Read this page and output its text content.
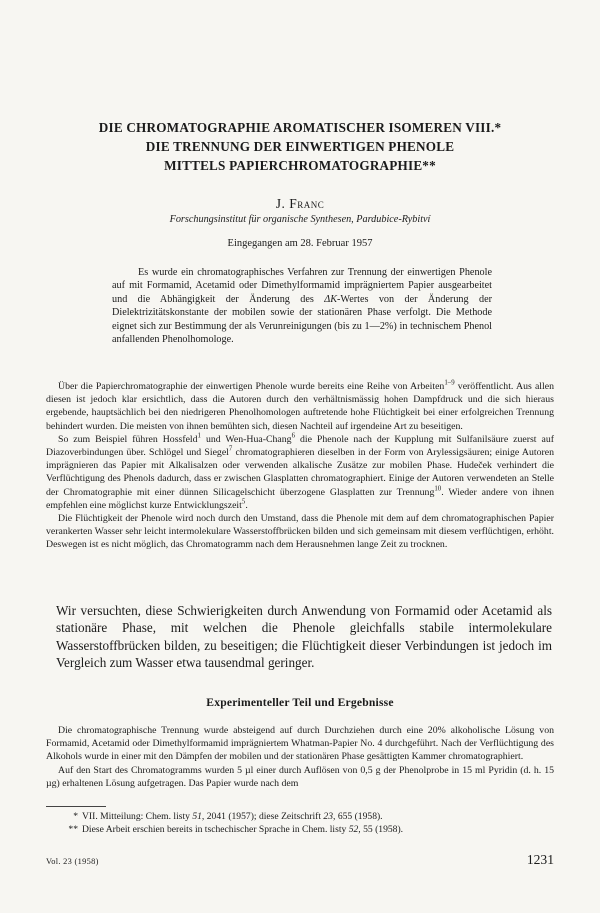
DIE CHROMATOGRAPHIE AROMATISCHER ISOMEREN VIII.*
DIE TRENNUNG DER EINWERTIGEN PHENOLE
MITTELS PAPIERCHROMATOGRAPHIE**
J. Franc
Forschungsinstitut für organische Synthesen, Pardubice-Rybitví
Eingegangen am 28. Februar 1957

Es wurde ein chromatographisches Verfahren zur Trennung der einwertigen Phenole auf mit Formamid, Acetamid oder Dimethylformamid imprägniertem Papier ausgearbeitet und die Abhängigkeit der Änderung des ΔK-Wertes von der Änderung der Dielektrizitätskonstante der mobilen sowie der stationären Phase verfolgt. Die Methode eignet sich zur Bestimmung der als Verunreinigungen (bis zu 1—2%) in technischem Phenol anfallenden Phenolhomologe.

Über die Papierchromatographie der einwertigen Phenole wurde bereits eine Reihe von Arbeiten$^{1-9}$ veröffentlicht. Aus allen diesen ist jedoch klar ersichtlich, dass die Autoren durch den verhältnismässig hohen Dampfdruck und die sich hieraus ergebende, hauptsächlich bei den niedrigeren Phenolhomologen auftretende hohe Flüchtigkeit bei einer erfolgreichen Trennung behindert wurden. Die meisten von ihnen bemühten sich, diesen Nachteil auf irgendeine Art zu beseitigen.

So zum Beispiel führen Hossfeld$^1$ und Wen-Hua-Chang$^6$ die Phenole nach der Kupplung mit Sulfanilsäure zuerst auf Diazoverbindungen über. Schlögel und Siegel$^7$ chromatographieren dieselben in der Form von Arylessigsäuren; einige Autoren imprägnieren das Papier mit Alkalisalzen oder verwenden alkalische Zusätze zur mobilen Phase. Hudeček verhindert die Verflüchtigung des Phenols dadurch, dass er zwischen Glasplatten chromatographiert. Einige der Autoren verwendeten an Stelle der Chromatographie mit einer dünnen Silicagelschicht überzogene Glasplatten zur Trennung$^{10}$. Wieder andere von ihnen empfehlen eine möglichst kurze Entwicklungszeit$^5$.

Die Flüchtigkeit der Phenole wird noch durch den Umstand, dass die Phenole mit dem auf dem chromatographischen Papier verankerten Wasser sehr leicht intermolekulare Wasserstoffbrücken bilden und sich gemeinsam mit diesem verflüchtigen, erhöht. Deswegen ist es nicht möglich, das Chromatogramm nach dem Herausnehmen lange Zeit zu trocknen.

Wir versuchten, diese Schwierigkeiten durch Anwendung von Formamid oder Acetamid als stationäre Phase, mit welchen die Phenole gleichfalls stabile intermolekulare Wasserstoffbrücken bilden, zu beseitigen; die Flüchtigkeit dieser Verbindungen ist jedoch im Vergleich zum Wasser etwa tausendmal geringer.

Experimenteller Teil und Ergebnisse

Die chromatographische Trennung wurde absteigend auf durch Durchziehen durch eine 20% alkoholische Lösung von Formamid, Acetamid oder Dimethylformamid imprägniertem Whatman-Papier No. 4 durchgeführt. Nach der Verflüchtigung des Alkohols wurde in einer mit den Dämpfen der mobilen und der stationären Phase gesättigten Kammer chromatographiert.

Auf den Start des Chromatogramms wurden 5 µl einer durch Auflösen von 0,5 g der Phenolprobe in 15 ml Pyridin (d. h. 15 µg) erhaltenen Lösung aufgetragen. Das Papier wurde nach dem

* VII. Mitteilung: Chem. listy 51, 2041 (1957); diese Zeitschrift 23, 655 (1958).
** Diese Arbeit erschien bereits in tschechischer Sprache in Chem. listy 52, 55 (1958).
Vol. 23 (1958)	1231
